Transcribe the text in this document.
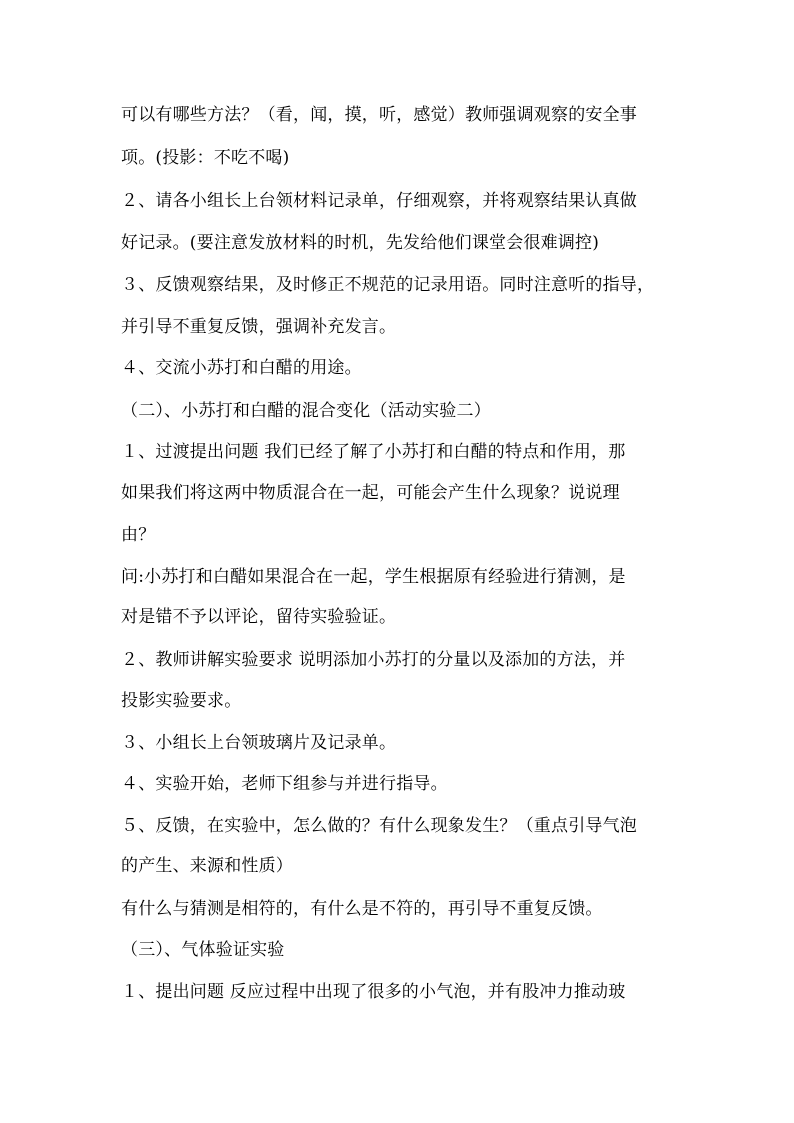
可以有哪些方法？（看，闻，摸，听，感觉）教师强调观察的安全事
项。(投影：不吃不喝)
２、请各小组长上台领材料记录单，仔细观察，并将观察结果认真做
好记录。(要注意发放材料的时机，先发给他们课堂会很难调控)
３、反馈观察结果，及时修正不规范的记录用语。同时注意听的指导，
并引导不重复反馈，强调补充发言。
４、交流小苏打和白醋的用途。
（二）、小苏打和白醋的混合变化（活动实验二）
１、过渡提出问题 我们已经了解了小苏打和白醋的特点和作用，那
如果我们将这两中物质混合在一起，可能会产生什么现象？说说理
由？
问:小苏打和白醋如果混合在一起，学生根据原有经验进行猜测，是
对是错不予以评论，留待实验验证。
２、教师讲解实验要求 说明添加小苏打的分量以及添加的方法，并
投影实验要求。
３、小组长上台领玻璃片及记录单。
４、实验开始，老师下组参与并进行指导。
５、反馈，在实验中，怎么做的？有什么现象发生？（重点引导气泡
的产生、来源和性质）
有什么与猜测是相符的，有什么是不符的，再引导不重复反馈。
（三）、气体验证实验
１、提出问题 反应过程中出现了很多的小气泡，并有股冲力推动玻
